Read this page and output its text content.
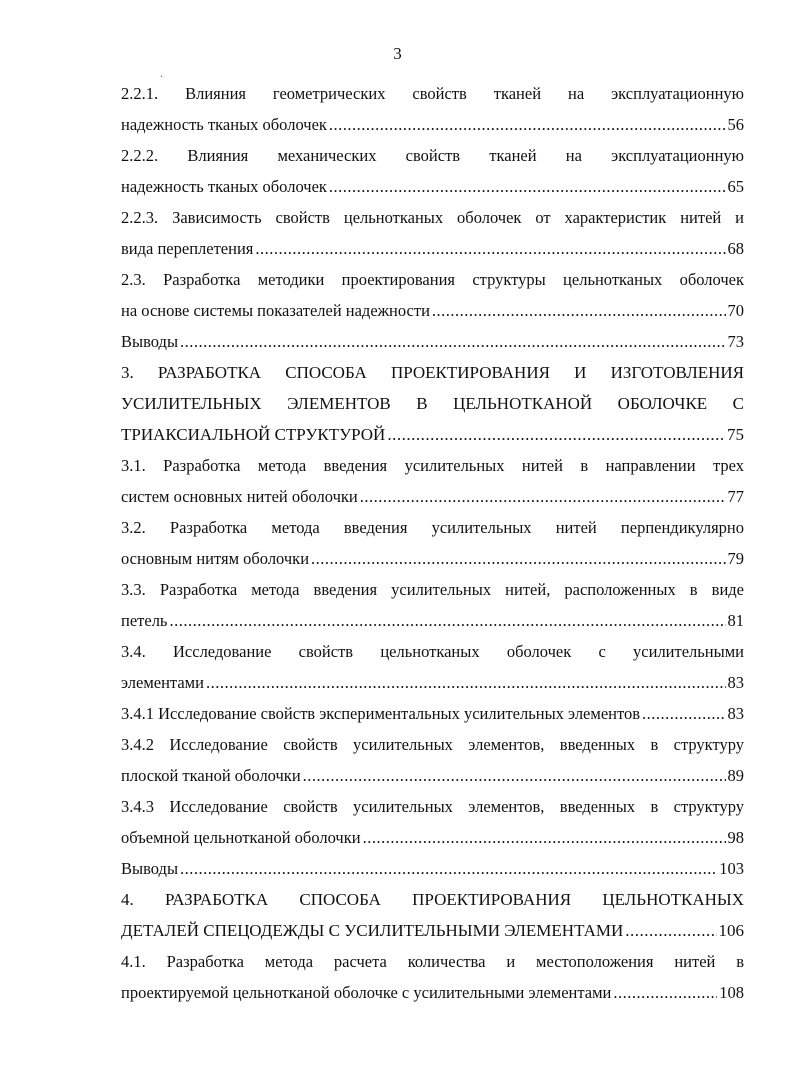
3
2.2.1. Влияния геометрических свойств тканей на эксплуатационную
надежность тканых оболочек .....	56
2.2.2. Влияния механических свойств тканей на эксплуатационную
надежность тканых оболочек .....	65
2.2.3. Зависимость свойств цельнотканых оболочек от характеристик нитей и
вида переплетения .....	68
2.3. Разработка методики проектирования структуры цельнотканых оболочек
на основе системы показателей надежности .....	70
Выводы .....	73
3. РАЗРАБОТКА СПОСОБА ПРОЕКТИРОВАНИЯ И ИЗГОТОВЛЕНИЯ
УСИЛИТЕЛЬНЫХ ЭЛЕМЕНТОВ В ЦЕЛЬНОТКАНОЙ ОБОЛОЧКЕ С
ТРИАКСИАЛЬНОЙ СТРУКТУРОЙ .....	75
3.1. Разработка метода введения усилительных нитей в направлении трех
систем основных нитей оболочки .....	77
3.2. Разработка метода введения усилительных нитей перпендикулярно
основным нитям оболочки .....	79
3.3. Разработка метода введения усилительных нитей, расположенных в виде
петель .....	81
3.4. Исследование свойств цельнотканых оболочек с усилительными
элементами .....	83
3.4.1 Исследование свойств экспериментальных усилительных элементов .....	83
3.4.2 Исследование свойств усилительных элементов, введенных в структуру
плоской тканой оболочки .....	89
3.4.3 Исследование свойств усилительных элементов, введенных в структуру
объемной цельнотканой оболочки .....	98
Выводы .....	103
4. РАЗРАБОТКА СПОСОБА ПРОЕКТИРОВАНИЯ ЦЕЛЬНОТКАНЫХ
ДЕТАЛЕЙ СПЕЦОДЕЖДЫ С УСИЛИТЕЛЬНЫМИ ЭЛЕМЕНТАМИ .....	106
4.1. Разработка метода расчета количества и местоположения нитей в
проектируемой цельнотканой оболочке с усилительными элементами .....	108
.
